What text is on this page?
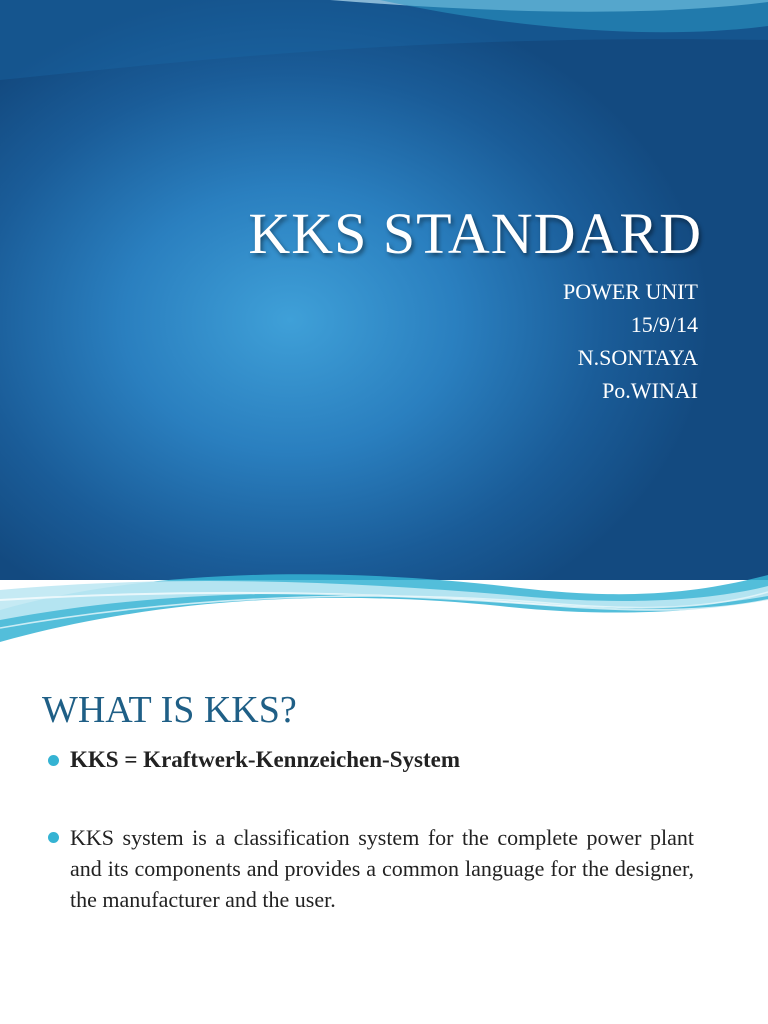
KKS STANDARD
POWER UNIT
15/9/14
N.SONTAYA
Po.WINAI
WHAT IS KKS?
KKS = Kraftwerk-Kennzeichen-System
KKS system is a classification system for the complete power plant and its components and provides a common language for the designer, the manufacturer and the user.
